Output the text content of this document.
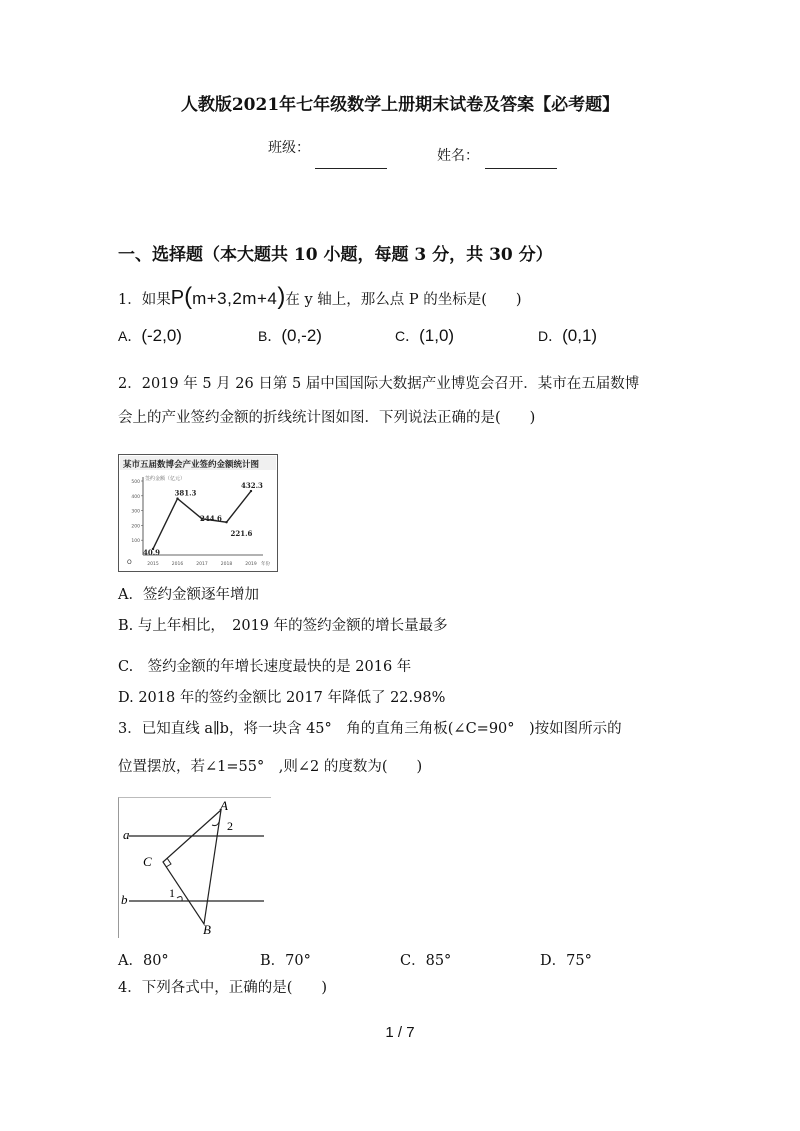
人教版2021年七年级数学上册期末试卷及答案【必考题】
班级：	姓名：
一、选择题（本大题共 10 小题，每题 3 分，共 30 分）
1．如果P(m+3,2m+4)在 y 轴上，那么点 P 的坐标是(　　)
A．(-2,0)	B．(0,-2)	C．(1,0)	D．(0,1)
2．2019 年 5 月 26 日第 5 届中国国际大数据产业博览会召开．某市在五届数博
会上的产业签约金额的折线统计图如图．下列说法正确的是(　　)
某市五届数博会产业签约金额统计图
签约金额（亿元）
O
100
200
300
400
500
2015	2016	2017	2018	2019 年份
40.9
381.3
244.6
221.6
432.3
A．签约金额逐年增加
B. 与上年相比，　2019 年的签约金额的增长量最多
C.　签约金额的年增长速度最快的是 2016 年
D. 2018 年的签约金额比 2017 年降低了 22.98%
3．已知直线 a∥b，将一块含 45°　角的直角三角板(∠C=90°　)按如图所示的
位置摆放，若∠1=55°　,则∠2 的度数为(　　)
a
b
A
B
C
1
2
A．80°	B．70°	C．85°	D．75°
4．下列各式中，正确的是(　　)
1 / 7
